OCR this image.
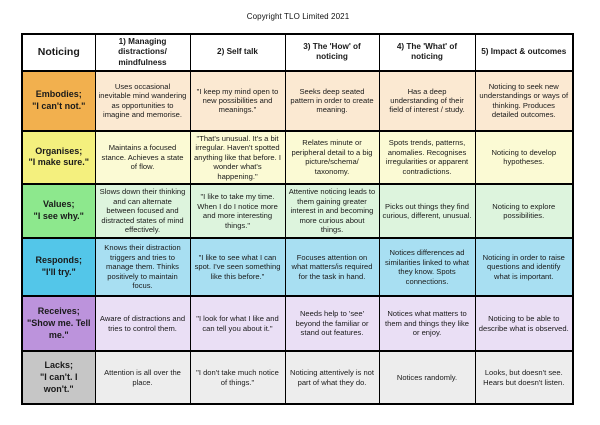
Copyright TLO Limited 2021
Noticing	1) Managing distractions/ mindfulness	2) Self talk	3) The 'How' of noticing	4) The 'What' of noticing	5) Impact & outcomes

Embodies;
"I can't not."	Uses occasional inevitable mind wandering as opportunities to imagine and memorise.	"I keep my mind open to new possibilities and meanings."	Seeks deep seated pattern in order to create meaning.	Has a deep understanding of their field of interest / study.	Noticing to seek new understandings or ways of thinking. Produces detailed outcomes.

Organises;
"I make sure."	Maintains a focused stance. Achieves a state of flow.	"That's unusual. It's a bit irregular. Haven't spotted anything like that before. I wonder what's happening."	Relates minute or peripheral detail to a big picture/schema/ taxonomy.	Spots trends, patterns, anomalies. Recognises irregularities or apparent contradictions.	Noticing to develop hypotheses.

Values;
"I see why."	Slows down their thinking and can alternate between focused and distracted states of mind effectively.	"I like to take my time. When I do I notice more and more interesting things."	Attentive noticing leads to them gaining greater interest in and becoming more curious about things.	Picks out things they find curious, different, unusual.	Noticing to explore possibilities.

Responds;
"I'll try."	Knows their distraction triggers and tries to manage them. Thinks positively to maintain focus.	"I like to see what I can spot. I've seen something like this before."	Focuses attention on what matters/is required for the task in hand.	Notices differences ad similarities linked to what they know. Spots connections.	Noticing in order to raise questions and identify what is important.

Receives;
"Show me. Tell me."	Aware of distractions and tries to control them.	"I look for what I like and can tell you about it."	Needs help to 'see' beyond the familiar or stand out features.	Notices what matters to them and things they like or enjoy.	Noticing to be able to describe what is observed.

Lacks;
"I can't. I won't."	Attention is all over the place.	"I don't take much notice of things."	Noticing attentively is not part of what they do.	Notices randomly.	Looks, but doesn't see. Hears but doesn't listen.
